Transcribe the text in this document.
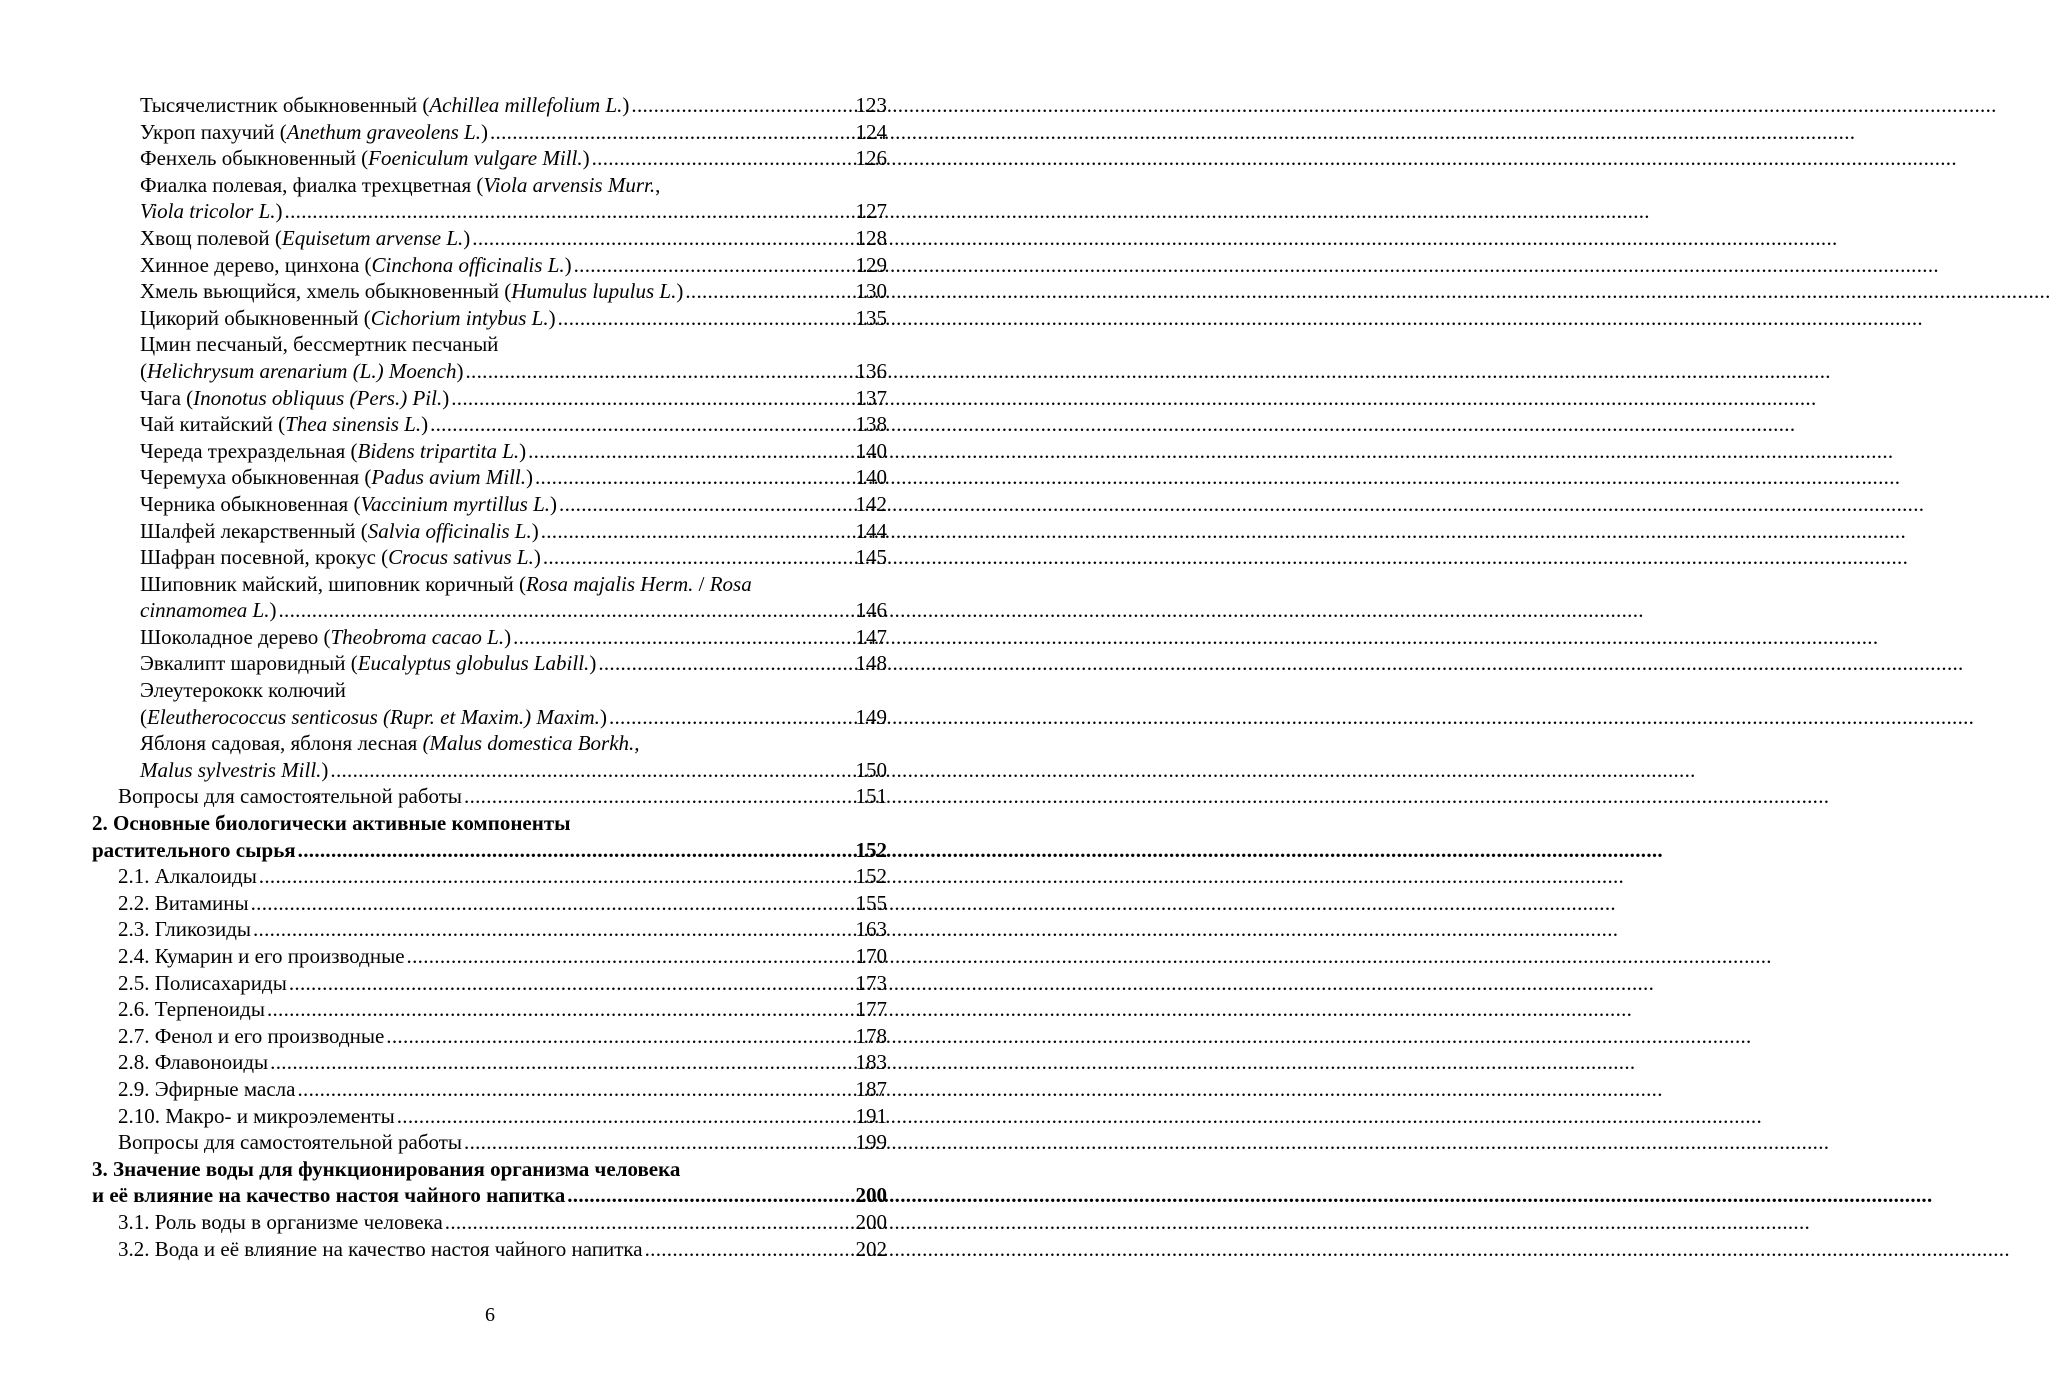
Тысячелистник обыкновенный (Achillea millefolium L.) .....	123
Укроп пахучий (Anethum graveolens L.) .....	124
Фенхель обыкновенный (Foeniculum vulgare Mill.) .....	126
Фиалка полевая, фиалка трехцветная (Viola arvensis Murr.,
Viola tricolor L.) .....	127
Хвощ полевой (Equisetum arvense L.) .....	128
Хинное дерево, цинхона (Cinchona officinalis L.) .....	129
Хмель вьющийся, хмель обыкновенный (Humulus lupulus L.) .....	130
Цикорий обыкновенный (Cichorium intybus L.) .....	135
Цмин песчаный, бессмертник песчаный
(Helichrysum arenarium (L.) Moench) .....	136
Чага (Inonotus obliquus (Pers.) Pil.) .....	137
Чай китайский (Thea sinensis L.) .....	138
Череда трехраздельная (Bidens tripartita L.) .....	140
Черемуха обыкновенная (Padus avium Mill.) .....	140
Черника обыкновенная (Vaccinium myrtillus L.) .....	142
Шалфей лекарственный (Salvia officinalis L.) .....	144
Шафран посевной, крокус (Crocus sativus L.) .....	145
Шиповник майский, шиповник коричный (Rosa majalis Herm. / Rosa
cinnamomea L.) .....	146
Шоколадное дерево (Theobroma cacao L.) .....	147
Эвкалипт шаровидный (Eucalyptus globulus Labill.) .....	148
Элеутерококк колючий
(Eleutherococcus senticosus (Rupr. et Maxim.) Maxim.) .....	149
Яблоня садовая, яблоня лесная (Malus domestica Borkh.,
Malus sylvestris Mill.) .....	150
Вопросы для самостоятельной работы .....	151
2. Основные биологически активные компоненты
растительного сырья .....	152
2.1. Алкалоиды .....	152
2.2. Витамины .....	155
2.3. Гликозиды .....	163
2.4. Кумарин и его производные .....	170
2.5. Полисахариды .....	173
2.6. Терпеноиды .....	177
2.7. Фенол и его производные .....	178
2.8. Флавоноиды .....	183
2.9. Эфирные масла .....	187
2.10. Макро- и микроэлементы .....	191
Вопросы для самостоятельной работы .....	199
3. Значение воды для функционирования организма человека
и её влияние на качество настоя чайного напитка .....	200
3.1. Роль воды в организме человека .....	200
3.2. Вода и её влияние на качество настоя чайного напитка .....	202
6
